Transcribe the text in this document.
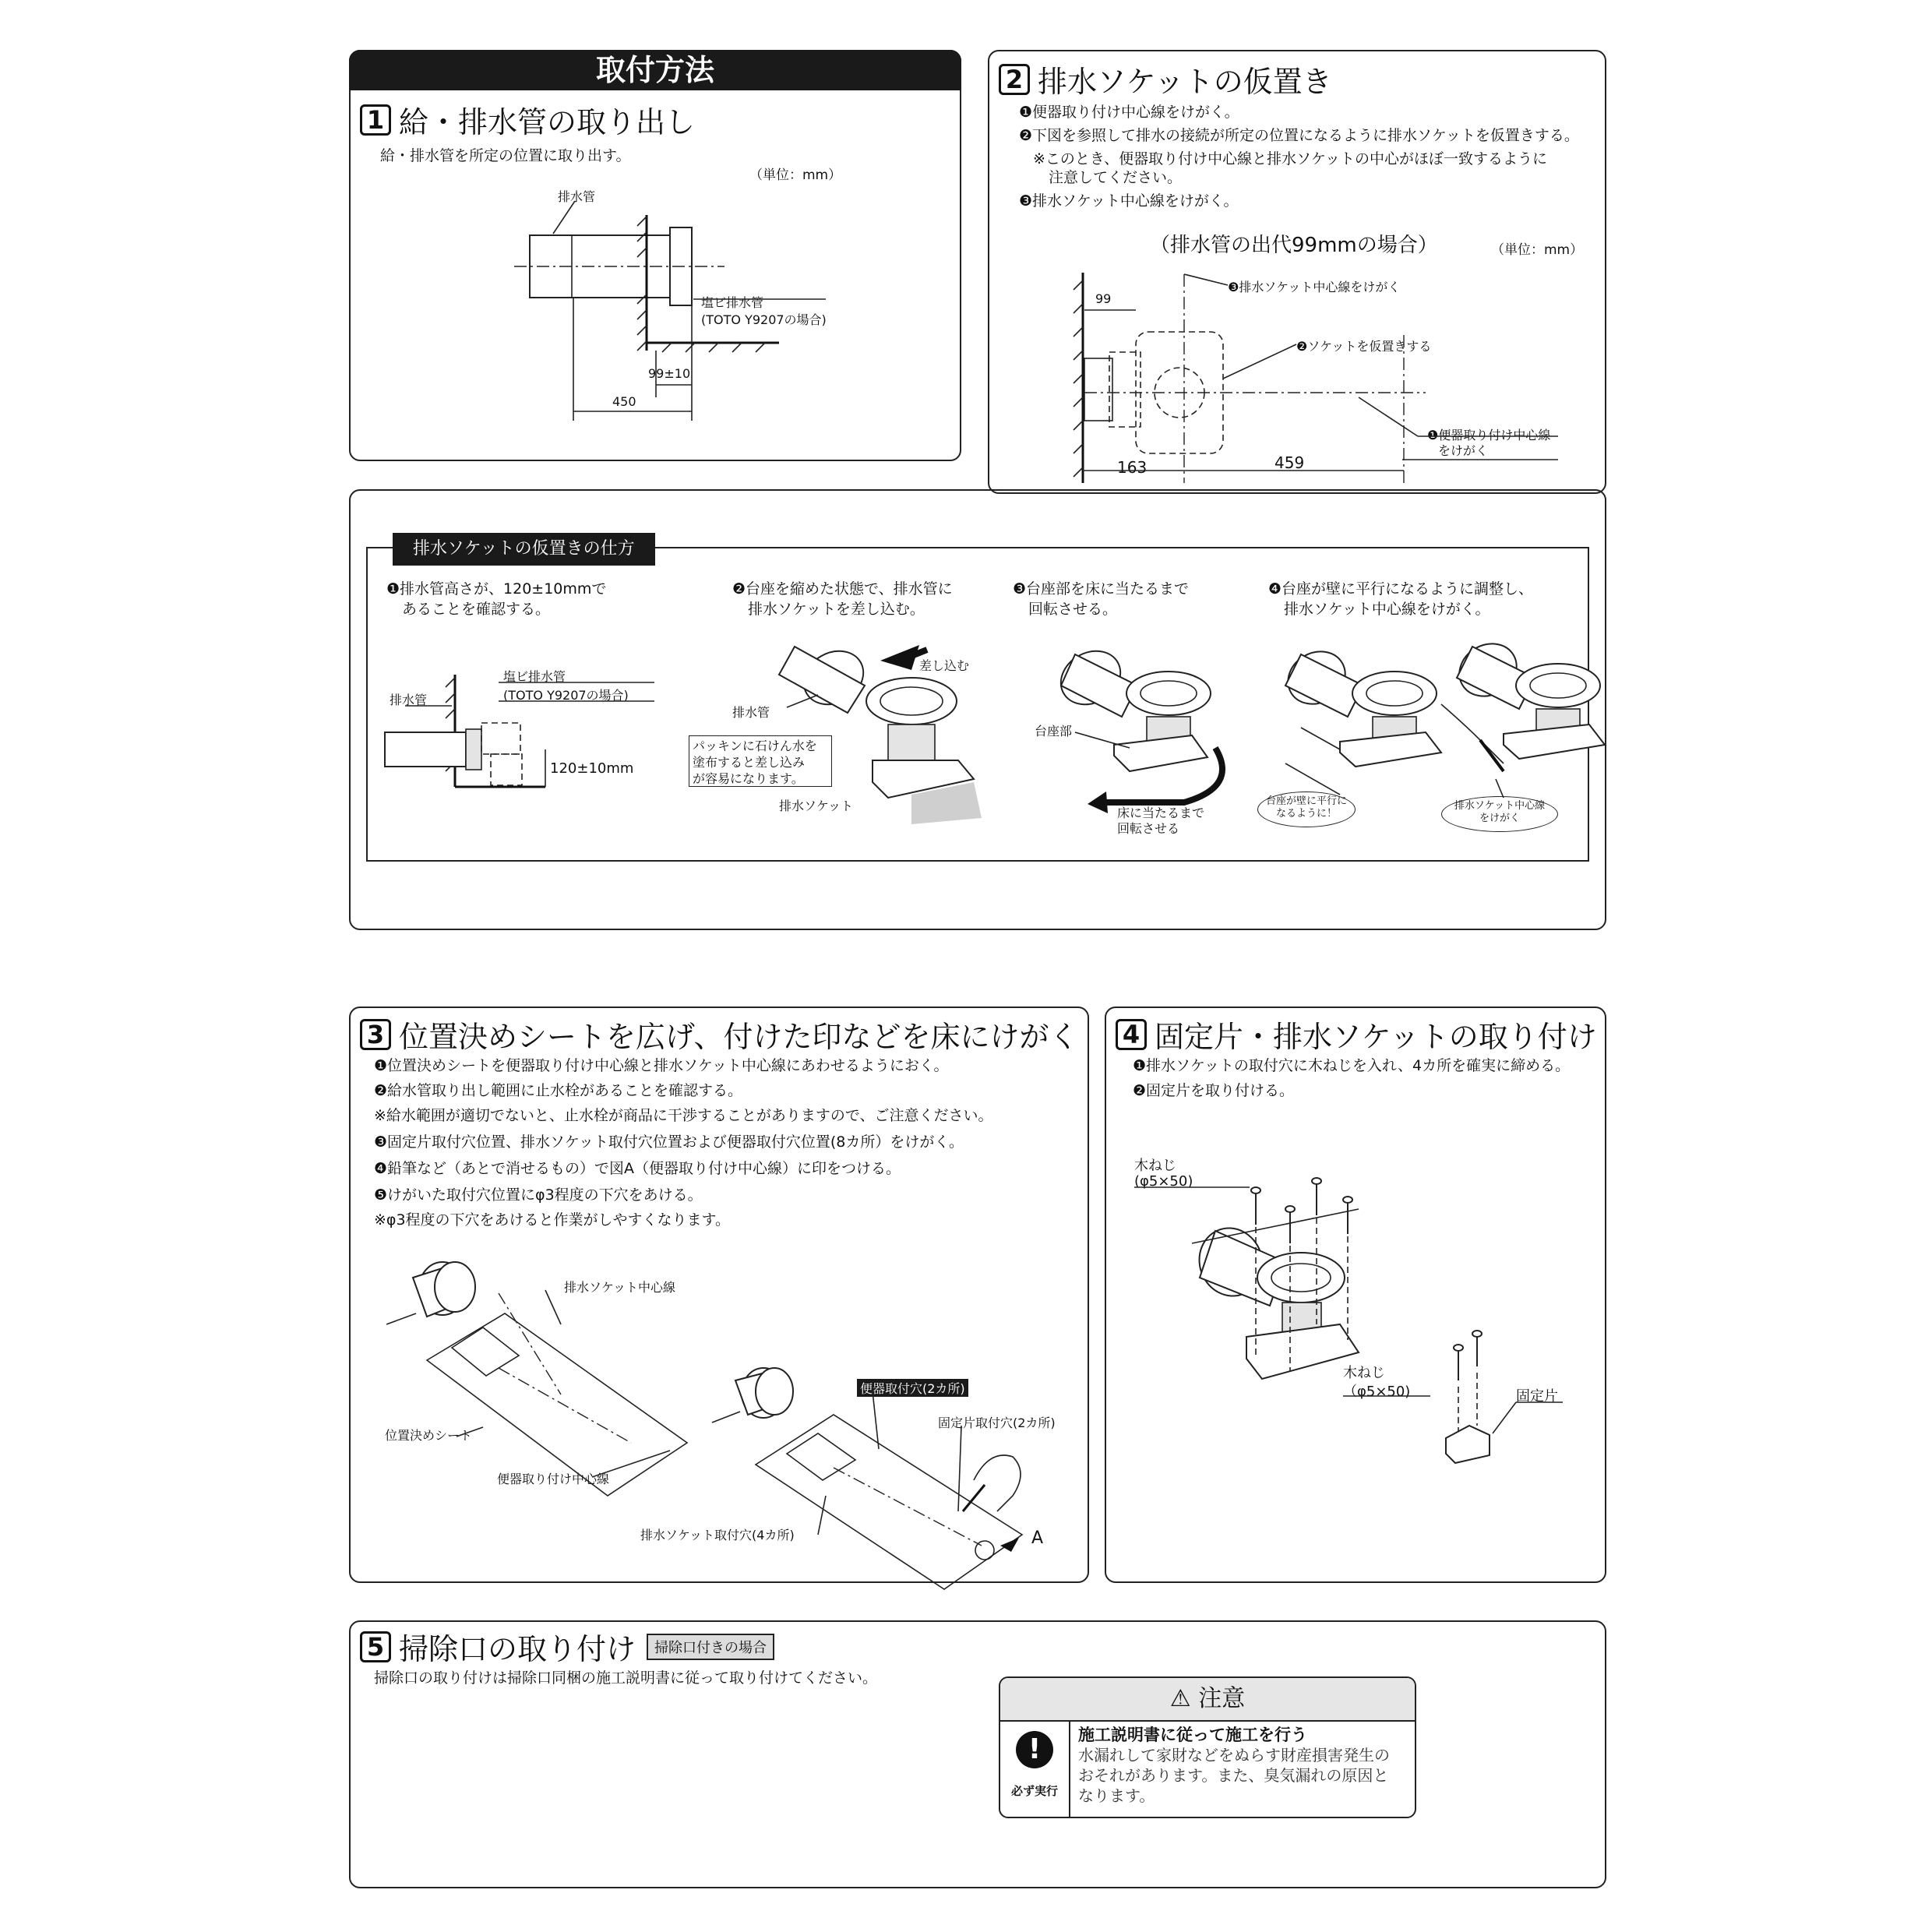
取付方法
1 給・排水管の取り出し
給・排水管を所定の位置に取り出す。
（単位：mm）
排水管
塩ビ排水管
(TOTO Y9207の場合)
99±10
450
2 排水ソケットの仮置き
❶便器取り付け中心線をけがく。
❷下図を参照して排水の接続が所定の位置になるように排水ソケットを仮置きする。
※このとき、便器取り付け中心線と排水ソケットの中心がほぼ一致するように
注意してください。
❸排水ソケット中心線をけがく。
（排水管の出代99mmの場合）	（単位：mm）
99
163	459
❸排水ソケット中心線をけがく
❷ソケットを仮置きする
❶便器取り付け中心線
をけがく
排水ソケットの仮置きの仕方
❶排水管高さが、120±10mmで
あることを確認する。
❷台座を縮めた状態で、排水管に
排水ソケットを差し込む。
❸台座部を床に当たるまで
回転させる。
❹台座が壁に平行になるように調整し、
排水ソケット中心線をけがく。
排水管
塩ビ排水管
(TOTO Y9207の場合)
120±10mm
差し込む
排水管
パッキンに石けん水を
塗布すると差し込み
が容易になります。
排水ソケット
台座部
床に当たるまで
回転させる
台座が壁に平行に
なるように！
排水ソケット中心線
をけがく
3 位置決めシートを広げ、付けた印などを床にけがく
❶位置決めシートを便器取り付け中心線と排水ソケット中心線にあわせるようにおく。
❷給水管取り出し範囲に止水栓があることを確認する。
※給水範囲が適切でないと、止水栓が商品に干渉することがありますので、ご注意ください。
❸固定片取付穴位置、排水ソケット取付穴位置および便器取付穴位置(8カ所）をけがく。
❹鉛筆など（あとで消せるもの）で図A（便器取り付け中心線）に印をつける。
❺けがいた取付穴位置にφ3程度の下穴をあける。
※φ3程度の下穴をあけると作業がしやすくなります。
排水ソケット中心線
位置決めシート
便器取り付け中心線
便器取付穴(2カ所)
固定片取付穴(2カ所)
排水ソケット取付穴(4カ所)	A
4 固定片・排水ソケットの取り付け
❶排水ソケットの取付穴に木ねじを入れ、4カ所を確実に締める。
❷固定片を取り付ける。
木ねじ
(φ5×50)
木ねじ
（φ5×50)	固定片
5 掃除口の取り付け	掃除口付きの場合
掃除口の取り付けは掃除口同梱の施工説明書に従って取り付けてください。
⚠ 注意
!
必ず実行
施工説明書に従って施工を行う
水漏れして家財などをぬらす財産損害発生の
おそれがあります。また、臭気漏れの原因と
なります。
